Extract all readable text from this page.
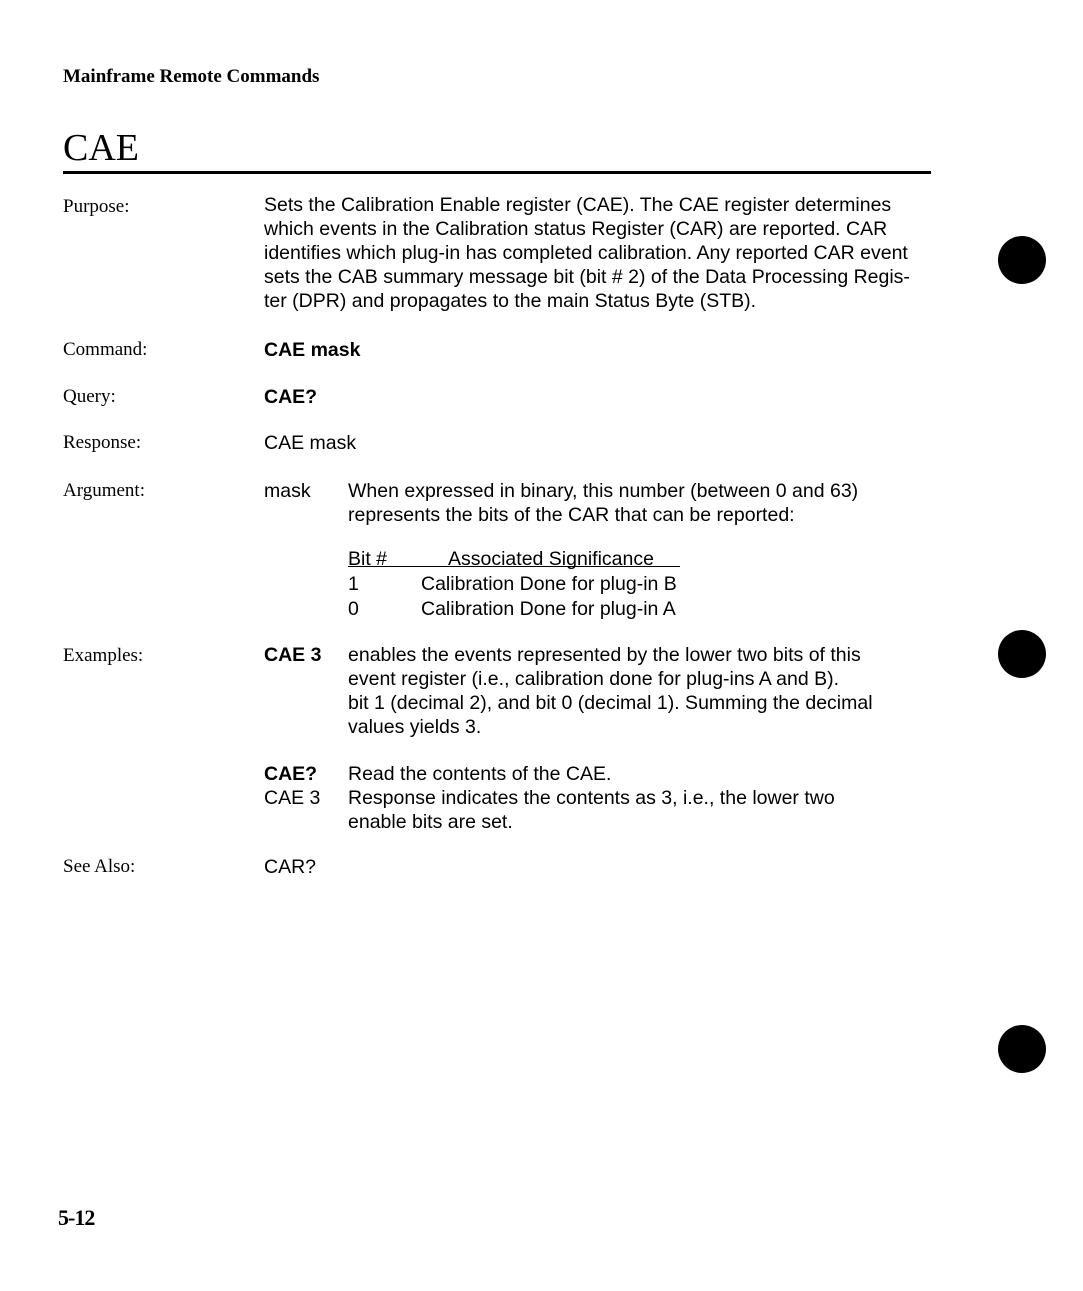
Mainframe Remote Commands
CAE
Purpose:	Sets the Calibration Enable register (CAE). The CAE register determines
which events in the Calibration status Register (CAR) are reported. CAR
identifies which plug-in has completed calibration. Any reported CAR event
sets the CAB summary message bit (bit # 2) of the Data Processing Regis-
ter (DPR) and propagates to the main Status Byte (STB).
Command:	CAE mask
Query:	CAE?
Response:	CAE mask
Argument:	mask When expressed in binary, this number (between 0 and 63)
represents the bits of the CAR that can be reported:
Bit #	Associated Significance
1	Calibration Done for plug-in B
0	Calibration Done for plug-in A
Examples:	CAE 3 enables the events represented by the lower two bits of this
event register (i.e., calibration done for plug-ins A and B).
bit 1 (decimal 2), and bit 0 (decimal 1). Summing the decimal
values yields 3.
CAE? Read the contents of the CAE.
CAE 3 Response indicates the contents as 3, i.e., the lower two
enable bits are set.
See Also:	CAR?
5-12
